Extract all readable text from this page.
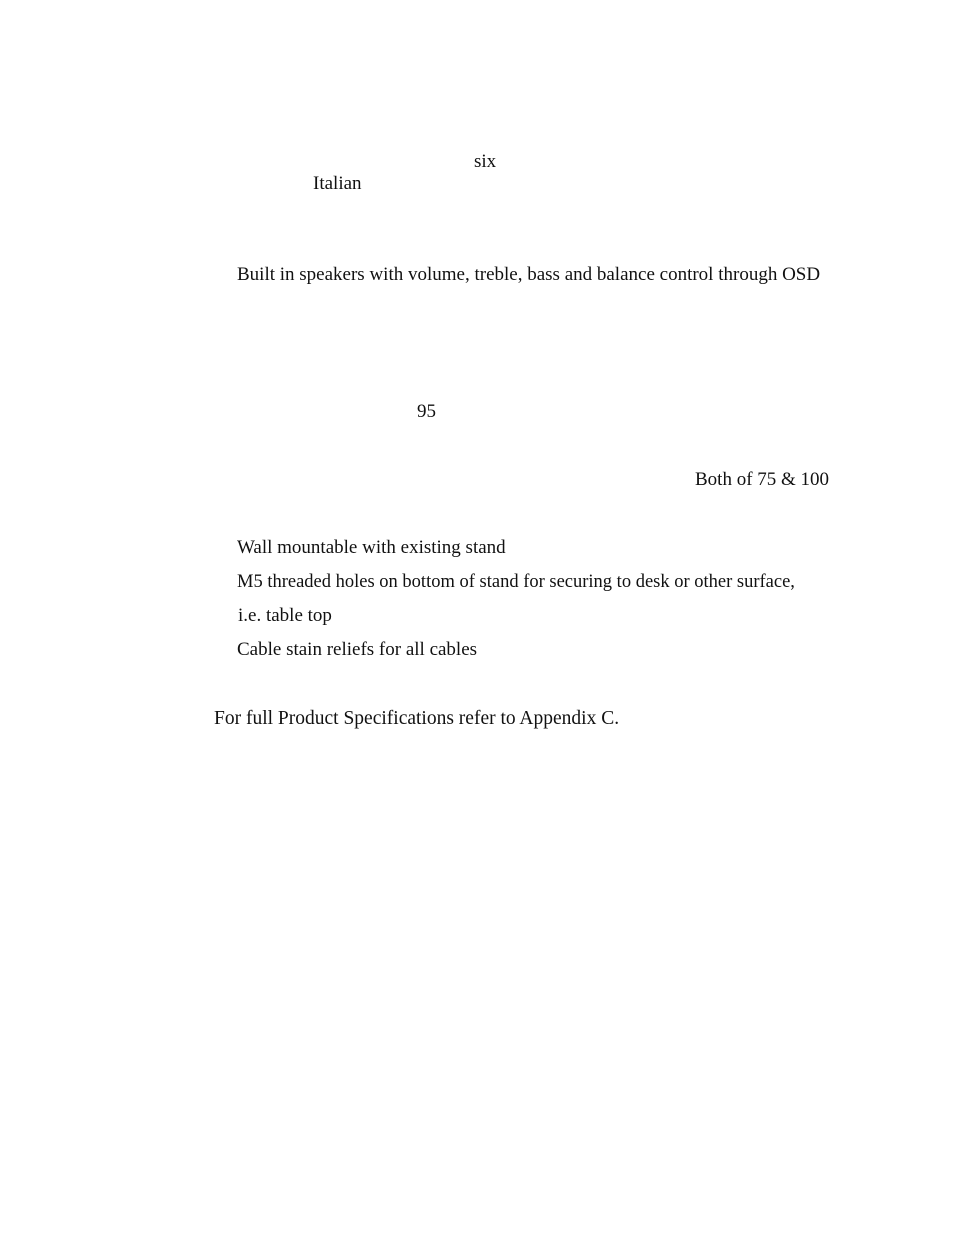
six
Italian
Built in speakers with volume, treble, bass and balance control through OSD
95
Both of 75 & 100
Wall mountable with existing stand
M5 threaded holes on bottom of stand for securing to desk or other surface,
i.e. table top
Cable stain reliefs for all cables
For full Product Specifications refer to Appendix C.
